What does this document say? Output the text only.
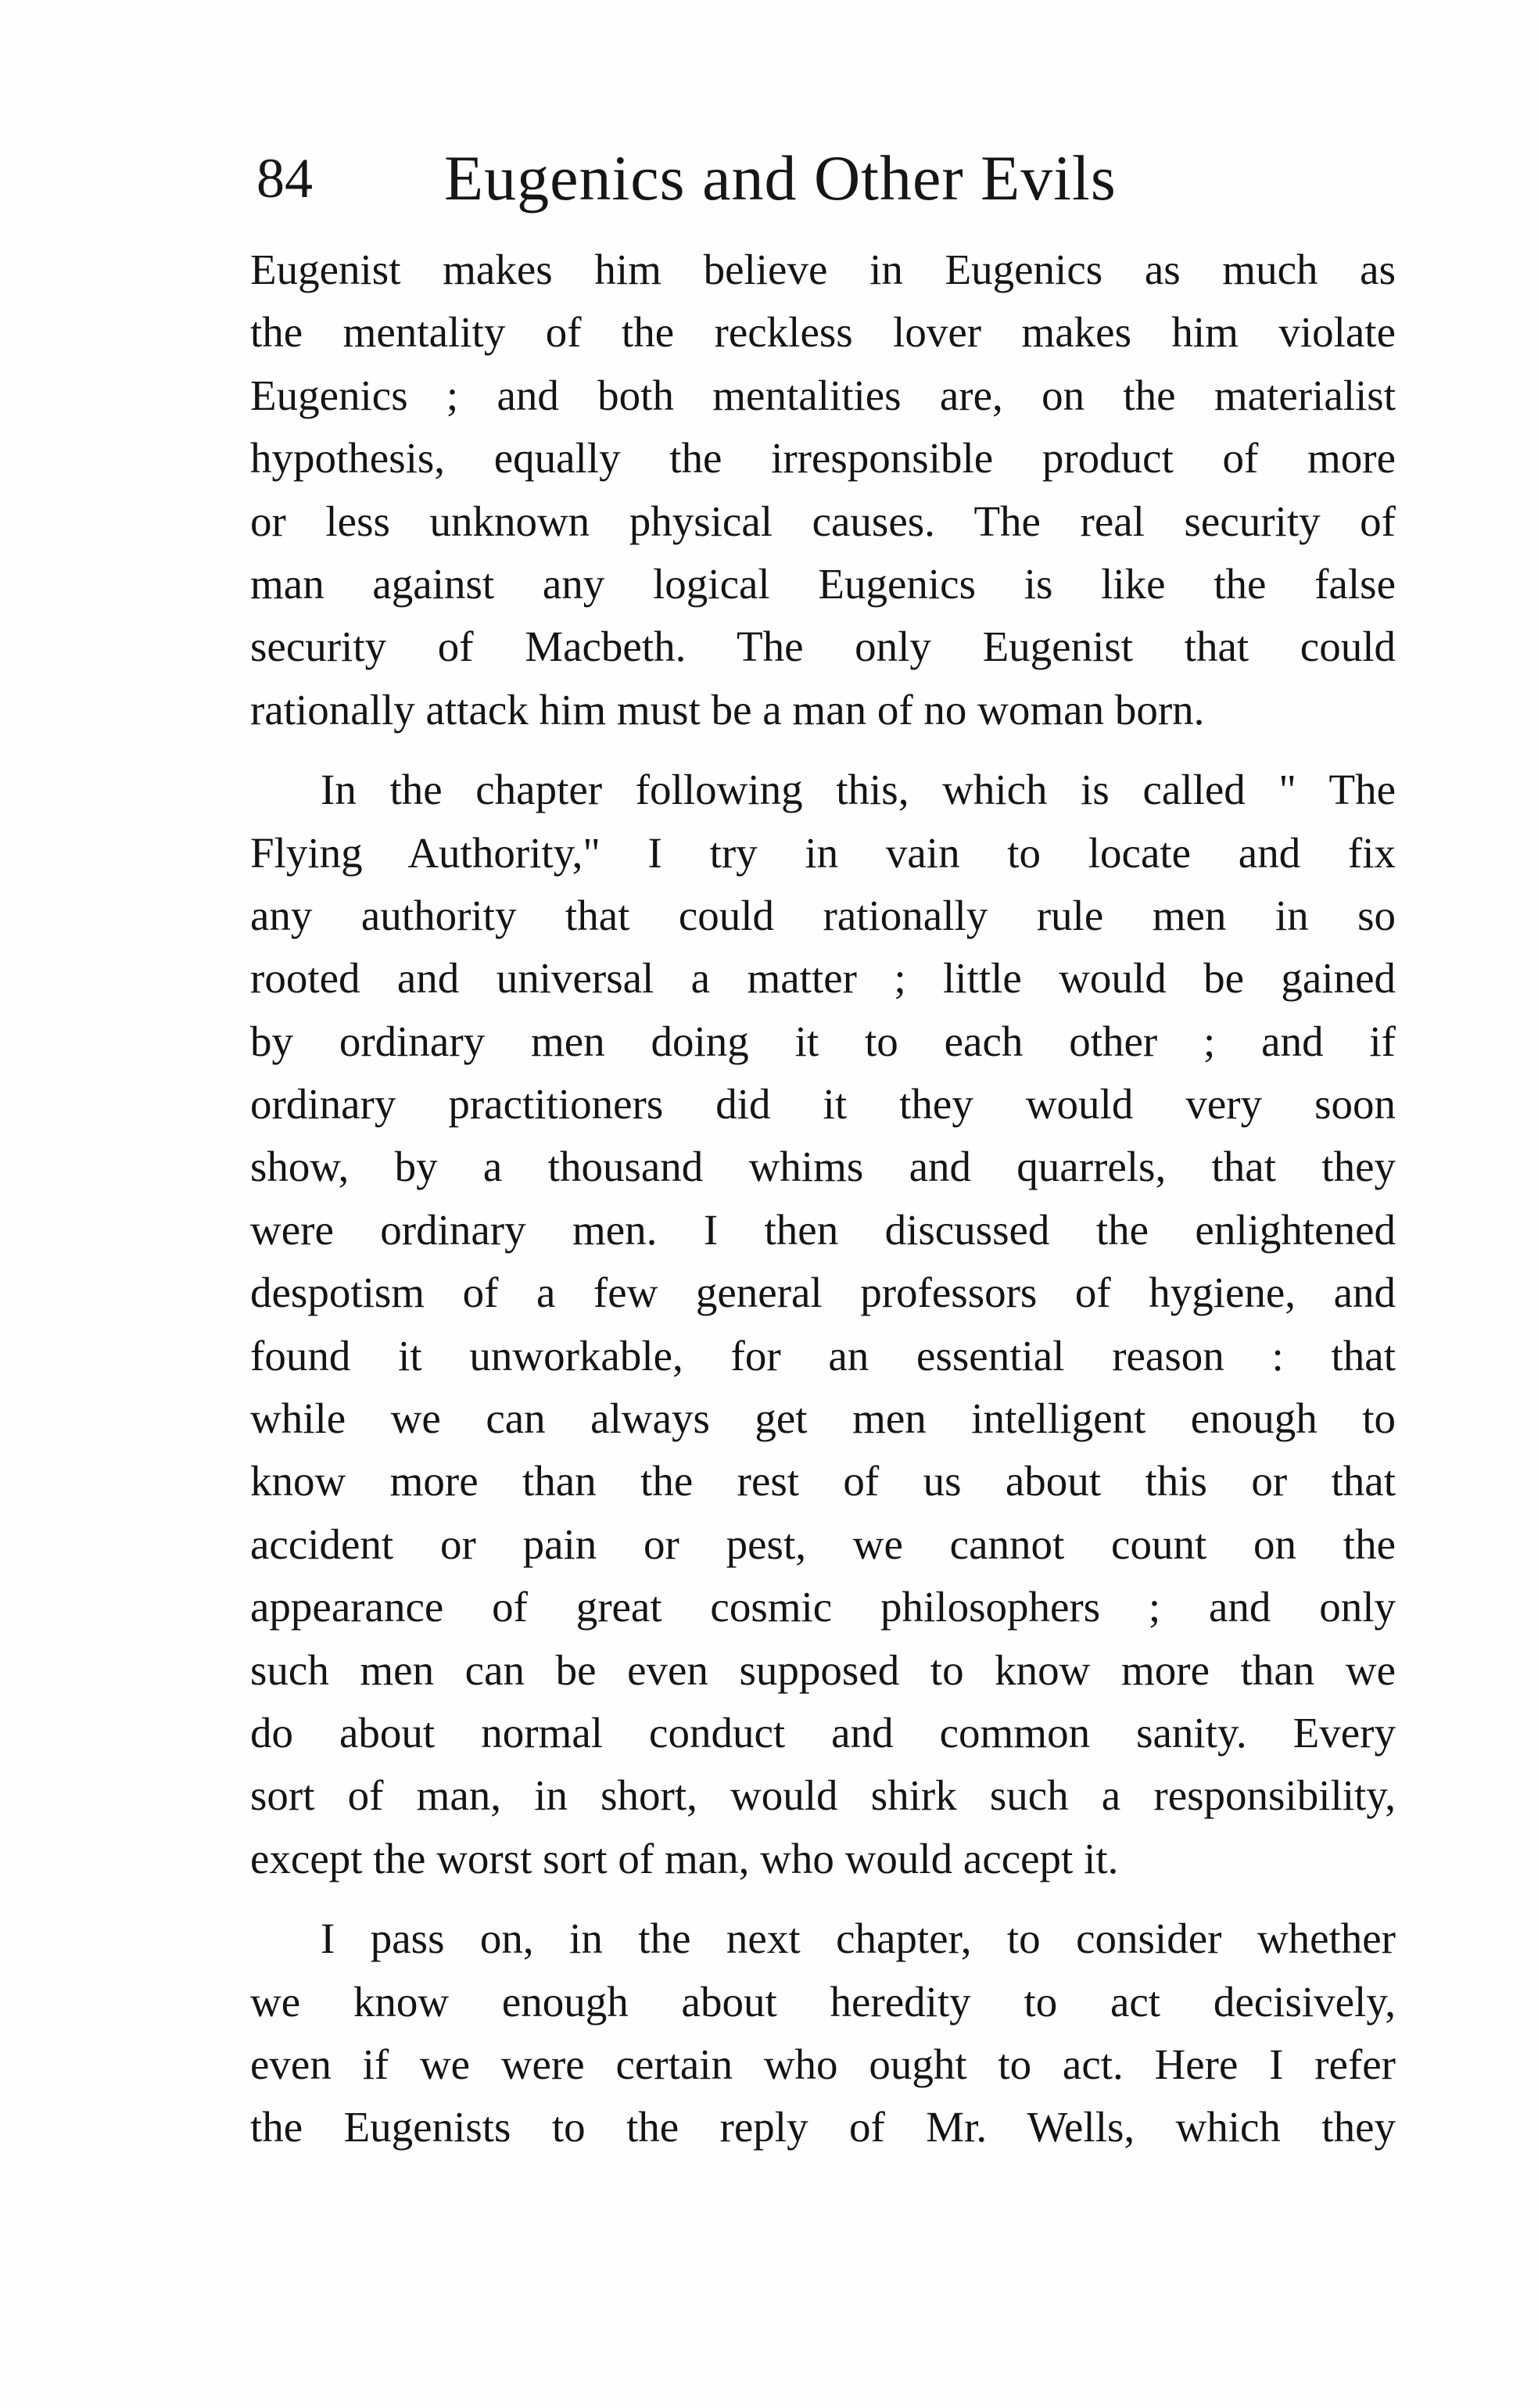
84 Eugenics and Other Evils
Eugenist makes him believe in Eugenics as much as
the mentality of the reckless lover makes him violate
Eugenics ; and both mentalities are, on the materialist
hypothesis, equally the irresponsible product of more
or less unknown physical causes. The real security of
man against any logical Eugenics is like the false
security of Macbeth. The only Eugenist that could
rationally attack him must be a man of no woman born.
In the chapter following this, which is called " The
Flying Authority," I try in vain to locate and fix
any authority that could rationally rule men in so
rooted and universal a matter ; little would be gained
by ordinary men doing it to each other ; and if
ordinary practitioners did it they would very soon
show, by a thousand whims and quarrels, that they
were ordinary men. I then discussed the enlightened
despotism of a few general professors of hygiene, and
found it unworkable, for an essential reason : that
while we can always get men intelligent enough to
know more than the rest of us about this or that
accident or pain or pest, we cannot count on the
appearance of great cosmic philosophers ; and only
such men can be even supposed to know more than we
do about normal conduct and common sanity. Every
sort of man, in short, would shirk such a responsibility,
except the worst sort of man, who would accept it.
I pass on, in the next chapter, to consider whether
we know enough about heredity to act decisively,
even if we were certain who ought to act. Here I refer
the Eugenists to the reply of Mr. Wells, which they
